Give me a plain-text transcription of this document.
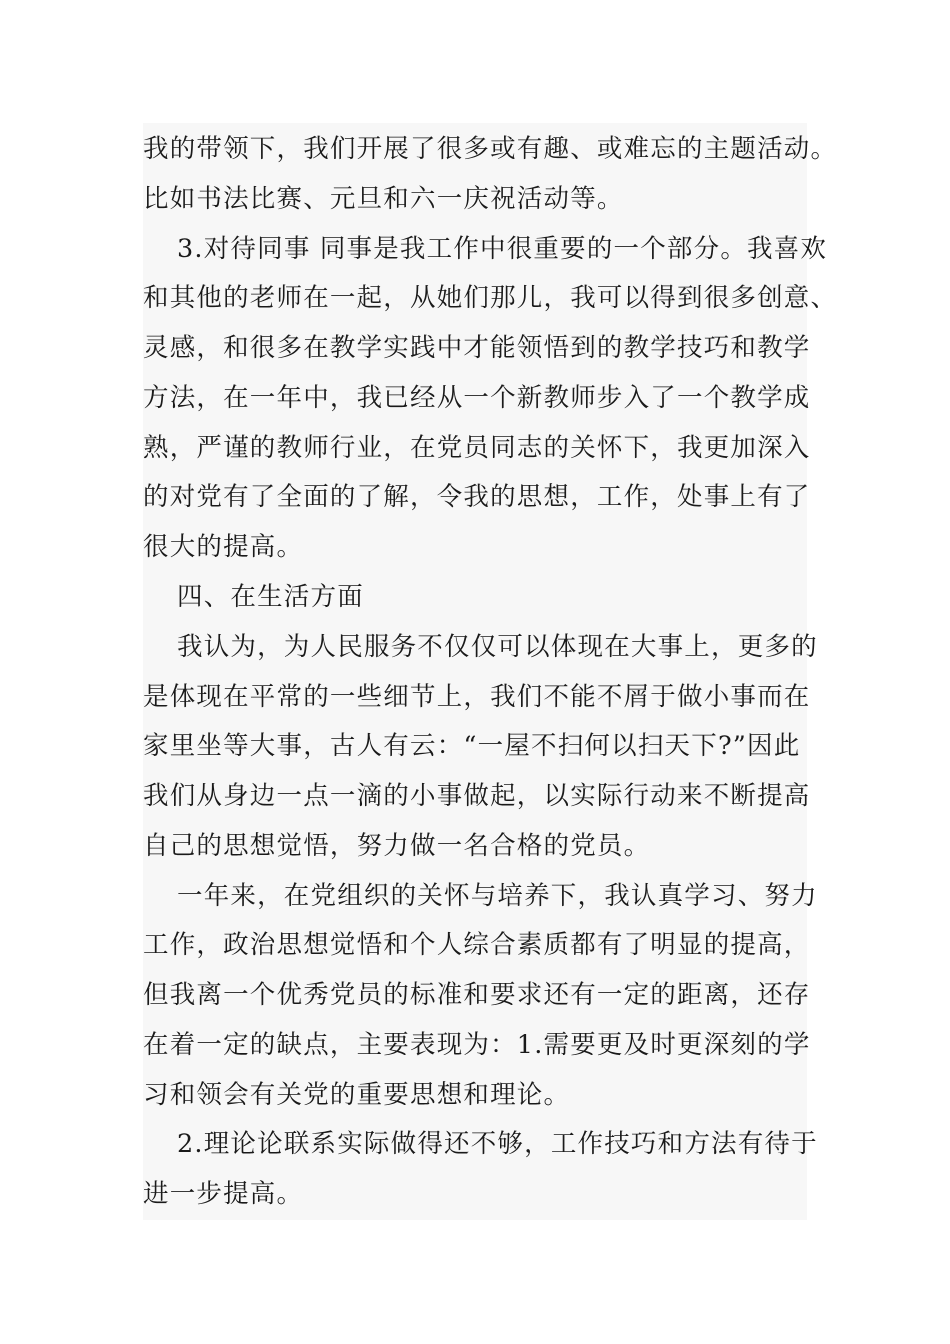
我的带领下，我们开展了很多或有趣、或难忘的主题活动。
比如书法比赛、元旦和六一庆祝活动等。
3.对待同事 同事是我工作中很重要的一个部分。我喜欢
和其他的老师在一起，从她们那儿，我可以得到很多创意、
灵感，和很多在教学实践中才能领悟到的教学技巧和教学
方法，在一年中，我已经从一个新教师步入了一个教学成
熟，严谨的教师行业，在党员同志的关怀下，我更加深入
的对党有了全面的了解，令我的思想，工作，处事上有了
很大的提高。
四、在生活方面
我认为，为人民服务不仅仅可以体现在大事上，更多的
是体现在平常的一些细节上，我们不能不屑于做小事而在
家里坐等大事，古人有云：“一屋不扫何以扫天下?”因此
我们从身边一点一滴的小事做起，以实际行动来不断提高
自己的思想觉悟，努力做一名合格的党员。
一年来，在党组织的关怀与培养下，我认真学习、努力
工作，政治思想觉悟和个人综合素质都有了明显的提高，
但我离一个优秀党员的标准和要求还有一定的距离，还存
在着一定的缺点，主要表现为：1.需要更及时更深刻的学
习和领会有关党的重要思想和理论。
2.理论论联系实际做得还不够，工作技巧和方法有待于
进一步提高。
